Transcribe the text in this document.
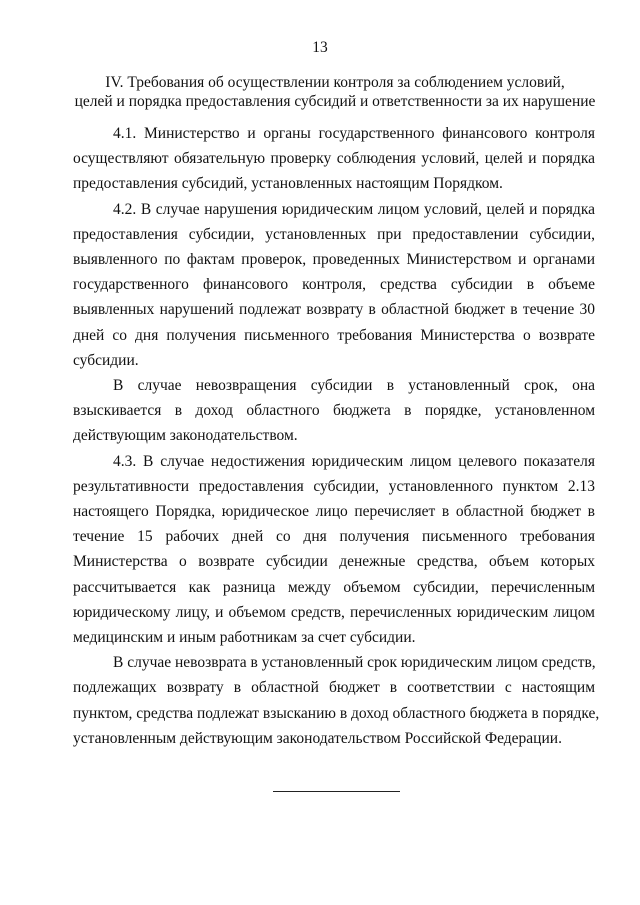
13
IV. Требования об осуществлении контроля за соблюдением условий,
целей и порядка предоставления субсидий и ответственности за их нарушение
4.1. Министерство и органы государственного финансового контроля
осуществляют обязательную проверку соблюдения условий, целей и порядка
предоставления субсидий, установленных настоящим Порядком.
4.2. В случае нарушения юридическим лицом условий, целей и порядка
предоставления субсидии, установленных при предоставлении субсидии,
выявленного по фактам проверок, проведенных Министерством и органами
государственного финансового контроля, средства субсидии в объеме
выявленных нарушений подлежат возврату в областной бюджет в течение 30
дней со дня получения письменного требования Министерства о возврате
субсидии.
В случае невозвращения субсидии в установленный срок, она
взыскивается в доход областного бюджета в порядке, установленном
действующим законодательством.
4.3. В случае недостижения юридическим лицом целевого показателя
результативности предоставления субсидии, установленного пунктом 2.13
настоящего Порядка, юридическое лицо перечисляет в областной бюджет в
течение 15 рабочих дней со дня получения письменного требования
Министерства о возврате субсидии денежные средства, объем которых
рассчитывается как разница между объемом субсидии, перечисленным
юридическому лицу, и объемом средств, перечисленных юридическим лицом
медицинским и иным работникам за счет субсидии.
В случае невозврата в установленный срок юридическим лицом средств,
подлежащих возврату в областной бюджет в соответствии с настоящим
пунктом, средства подлежат взысканию в доход областного бюджета в порядке,
установленным действующим законодательством Российской Федерации.
